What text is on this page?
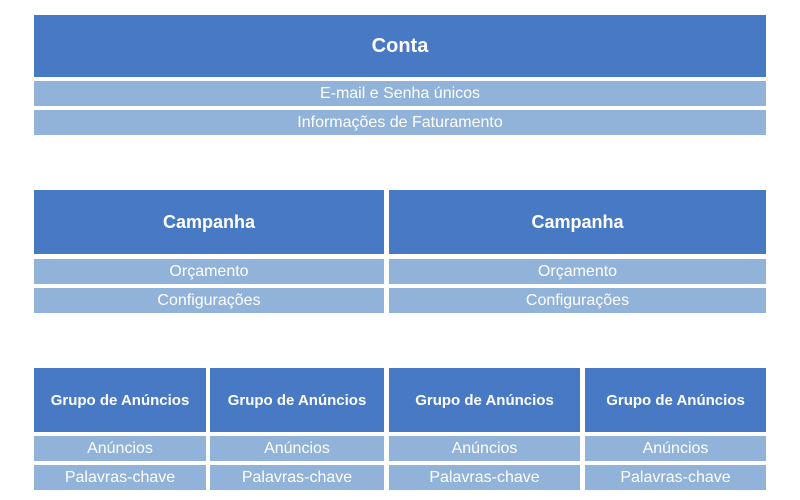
Conta
E-mail e Senha únicos
Informações de Faturamento
Campanha
Orçamento
Configurações
Campanha
Orçamento
Configurações
Grupo de Anúncios
Anúncios
Palavras-chave
Grupo de Anúncios
Anúncios
Palavras-chave
Grupo de Anúncios
Anúncios
Palavras-chave
Grupo de Anúncios
Anúncios
Palavras-chave
